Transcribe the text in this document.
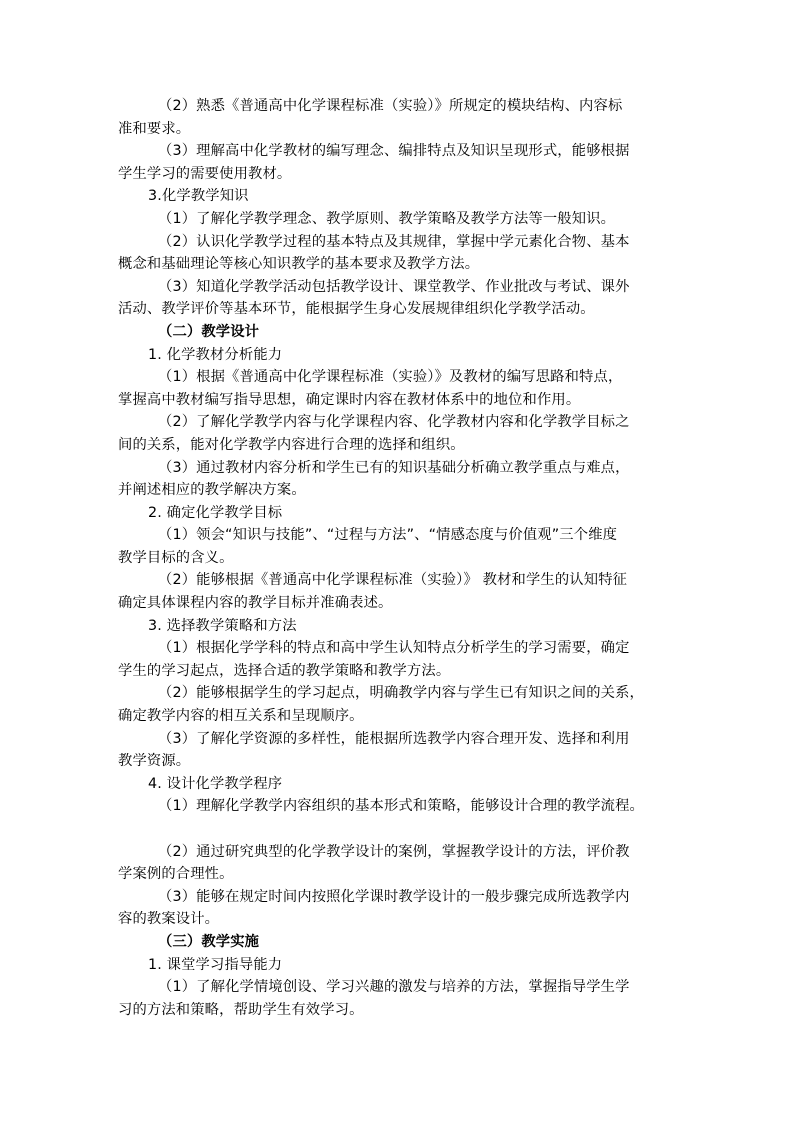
（2）熟悉《普通高中化学课程标准（实验）》所规定的模块结构、内容标
准和要求。
（3）理解高中化学教材的编写理念、编排特点及知识呈现形式，能够根据
学生学习的需要使用教材。
3.化学教学知识
（1）了解化学教学理念、教学原则、教学策略及教学方法等一般知识。
（2）认识化学教学过程的基本特点及其规律，掌握中学元素化合物、基本
概念和基础理论等核心知识教学的基本要求及教学方法。
（3）知道化学教学活动包括教学设计、课堂教学、作业批改与考试、课外
活动、教学评价等基本环节，能根据学生身心发展规律组织化学教学活动。
（二）教学设计
1. 化学教材分析能力
（1）根据《普通高中化学课程标准（实验）》及教材的编写思路和特点，
掌握高中教材编写指导思想，确定课时内容在教材体系中的地位和作用。
（2）了解化学教学内容与化学课程内容、化学教材内容和化学教学目标之
间的关系，能对化学教学内容进行合理的选择和组织。
（3）通过教材内容分析和学生已有的知识基础分析确立教学重点与难点，
并阐述相应的教学解决方案。
2. 确定化学教学目标
（1）领会“知识与技能”、“过程与方法”、“情感态度与价值观”三个维度
教学目标的含义。
（2）能够根据《普通高中化学课程标准（实验）》 教材和学生的认知特征
确定具体课程内容的教学目标并准确表述。
3. 选择教学策略和方法
（1）根据化学学科的特点和高中学生认知特点分析学生的学习需要，确定
学生的学习起点，选择合适的教学策略和教学方法。
（2）能够根据学生的学习起点，明确教学内容与学生已有知识之间的关系，
确定教学内容的相互关系和呈现顺序。
（3）了解化学资源的多样性，能根据所选教学内容合理开发、选择和利用
教学资源。
4. 设计化学教学程序
（1）理解化学教学内容组织的基本形式和策略，能够设计合理的教学流程。
（2）通过研究典型的化学教学设计的案例，掌握教学设计的方法，评价教
学案例的合理性。
（3）能够在规定时间内按照化学课时教学设计的一般步骤完成所选教学内
容的教案设计。
（三）教学实施
1. 课堂学习指导能力
（1）了解化学情境创设、学习兴趣的激发与培养的方法，掌握指导学生学
习的方法和策略，帮助学生有效学习。
